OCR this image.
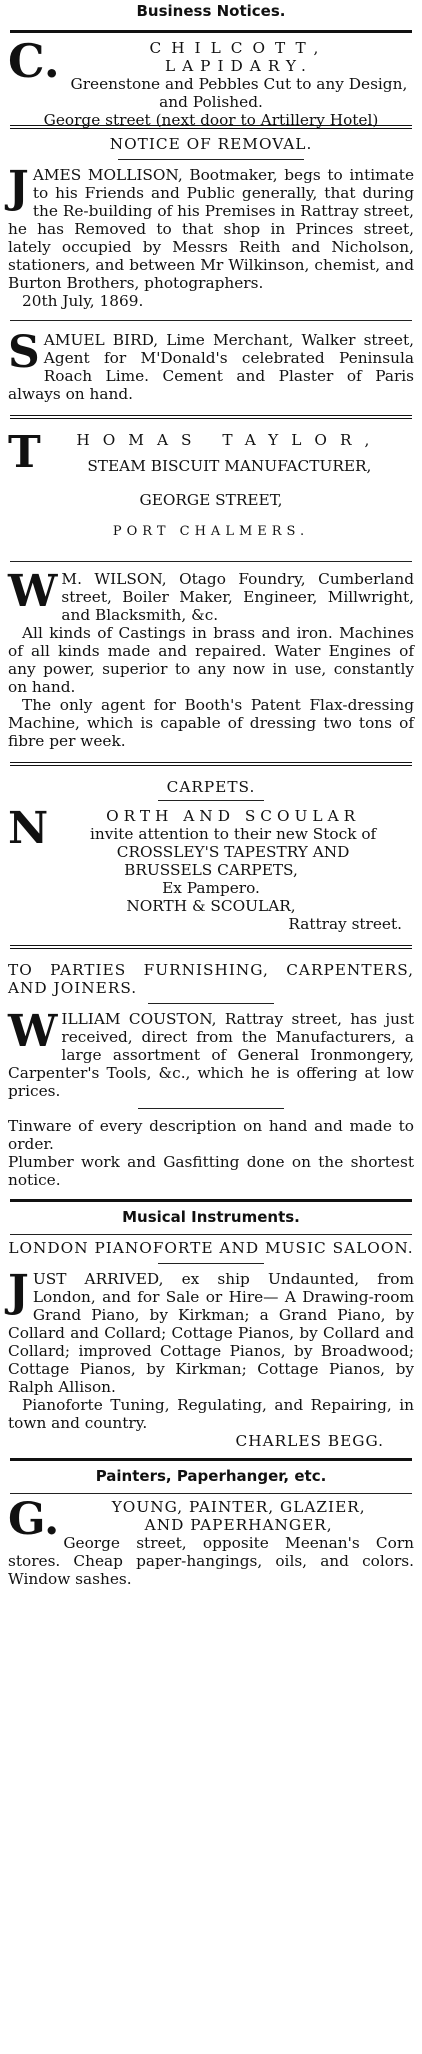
Business Notices.
C.	CHILCOTT,
LAPIDARY.
Greenstone and Pebbles Cut to any Design,
and Polished.
George street (next door to Artillery Hotel)

NOTICE OF REMOVAL.

J AMES MOLLISON, Bootmaker, begs to intimate to his Friends and Public generally, that during the Re-building of his Premises in Rattray street, he has Removed to that shop in Princes street, lately occupied by Messrs Reith and Nicholson, stationers, and between Mr Wilkinson, chemist, and Burton Brothers, photographers.

20th July, 1869.

S AMUEL BIRD, Lime Merchant, Walker street, Agent for M'Donald's celebrated Peninsula Roach Lime. Cement and Plaster of Paris always on hand.

T	HOMAS TAYLOR,
STEAM BISCUIT MANUFACTURER,
GEORGE STREET,
PORT CHALMERS.
W M. WILSON, Otago Foundry, Cumberland street, Boiler Maker, Engineer, Millwright, and Blacksmith, &c.

All kinds of Castings in brass and iron. Machines of all kinds made and repaired. Water Engines of any power, superior to any now in use, constantly on hand.

The only agent for Booth's Patent Flax-dressing Machine, which is capable of dressing two tons of fibre per week.

CARPETS.

N	ORTH AND SCOULAR
invite attention to their new Stock of
CROSSLEY'S TAPESTRY AND
BRUSSELS CARPETS,
Ex Pampero.
NORTH & SCOULAR,
Rattray street.

TO PARTIES FURNISHING, CARPENTERS, AND JOINERS.

W ILLIAM COUSTON, Rattray street, has just received, direct from the Manufacturers, a large assortment of General Ironmongery, Carpenter's Tools, &c., which he is offering at low prices.

Tinware of every description on hand and made to order.

Plumber work and Gasfitting done on the shortest notice.

Musical Instruments.

LONDON PIANOFORTE AND MUSIC SALOON.

J UST ARRIVED, ex ship Undaunted, from London, and for Sale or Hire— A Drawing-room Grand Piano, by Kirkman; a Grand Piano, by Collard and Collard; Cottage Pianos, by Collard and Collard; improved Cottage Pianos, by Broadwood; Cottage Pianos, by Kirkman; Cottage Pianos, by Ralph Allison.

Pianoforte Tuning, Regulating, and Repairing, in town and country.

CHARLES BEGG.

Painters, Paperhanger, etc.
G.	YOUNG, PAINTER, GLAZIER,
AND PAPERHANGER,

George street, opposite Meenan's Corn stores. Cheap paper-hangings, oils, and colors. Window sashes.
